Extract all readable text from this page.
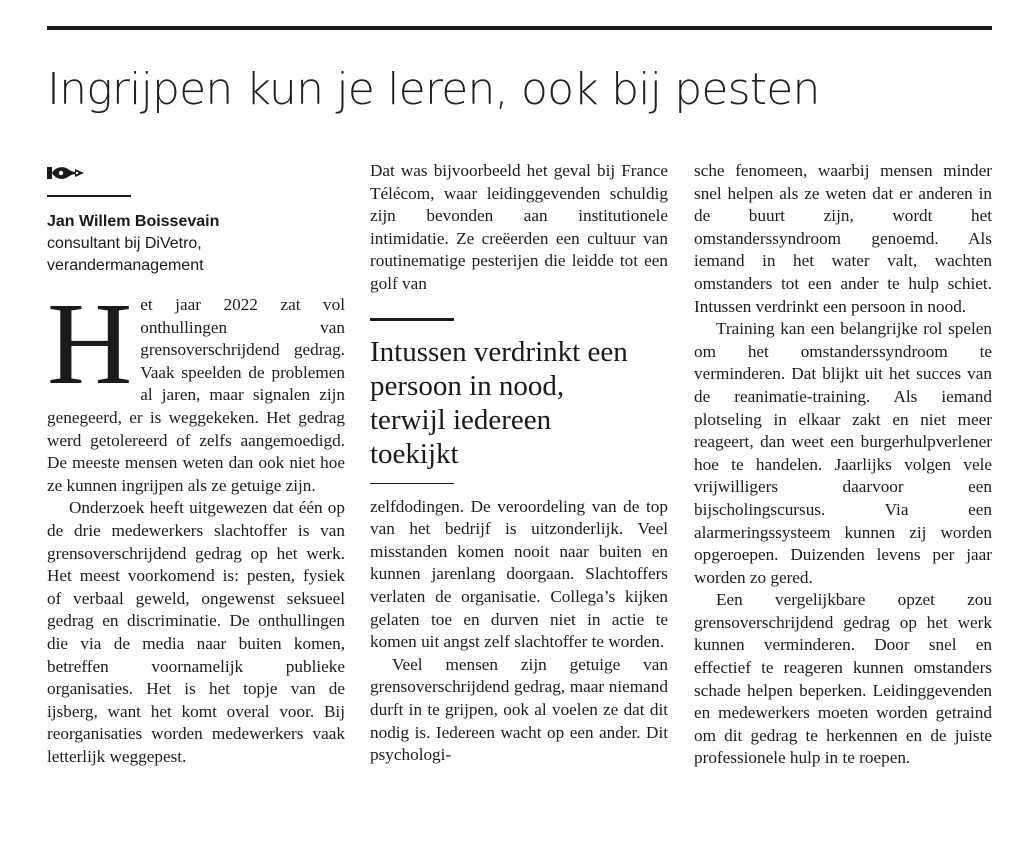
Ingrijpen kun je leren, ook bij pesten

Jan Willem Boissevain

consultant bij DiVetro, verandermanagement

H et jaar 2022 zat vol onthullingen van grensoverschrijdend gedrag. Vaak speelden de problemen al jaren, maar signalen zijn genegeerd, er is weggekeken. Het gedrag werd getolereerd of zelfs aangemoedigd. De meeste mensen weten dan ook niet hoe ze kunnen ingrijpen als ze getuige zijn.

Onderzoek heeft uitgewezen dat één op de drie medewerkers slachtoffer is van grensoverschrijdend gedrag op het werk. Het meest voorkomend is: pesten, fysiek of verbaal geweld, ongewenst seksueel gedrag en discriminatie. De onthullingen die via de media naar buiten komen, betreffen voornamelijk publieke organisaties. Het is het topje van de ijsberg, want het komt overal voor. Bij reorganisaties worden medewerkers vaak letterlijk weggepest.

Dat was bijvoorbeeld het geval bij France Télécom, waar leidinggevenden schuldig zijn bevonden aan institutionele intimidatie. Ze creëerden een cultuur van routinematige pesterijen die leidde tot een golf van

Intussen verdrinkt een persoon in nood, terwijl iedereen toekijkt

zelfdodingen. De veroordeling van de top van het bedrijf is uitzonderlijk. Veel misstanden komen nooit naar buiten en kunnen jarenlang doorgaan. Slachtoffers verlaten de organisatie. Collega’s kijken gelaten toe en durven niet in actie te komen uit angst zelf slachtoffer te worden.

Veel mensen zijn getuige van grensoverschrijdend gedrag, maar niemand durft in te grijpen, ook al voelen ze dat dit nodig is. Iedereen wacht op een ander. Dit psychologi-

sche fenomeen, waarbij mensen minder snel helpen als ze weten dat er anderen in de buurt zijn, wordt het omstanderssyndroom genoemd. Als iemand in het water valt, wachten omstanders tot een ander te hulp schiet. Intussen verdrinkt een persoon in nood.

Training kan een belangrijke rol spelen om het omstanderssyndroom te verminderen. Dat blijkt uit het succes van de reanimatie-training. Als iemand plotseling in elkaar zakt en niet meer reageert, dan weet een burgerhulpverlener hoe te handelen. Jaarlijks volgen vele vrijwilligers daarvoor een bijscholingscursus. Via een alarmeringssysteem kunnen zij worden opgeroepen. Duizenden levens per jaar worden zo gered.

Een vergelijkbare opzet zou grensoverschrijdend gedrag op het werk kunnen verminderen. Door snel en effectief te reageren kunnen omstanders schade helpen beperken. Leidinggevenden en medewerkers moeten worden getraind om dit gedrag te herkennen en de juiste professionele hulp in te roepen.
